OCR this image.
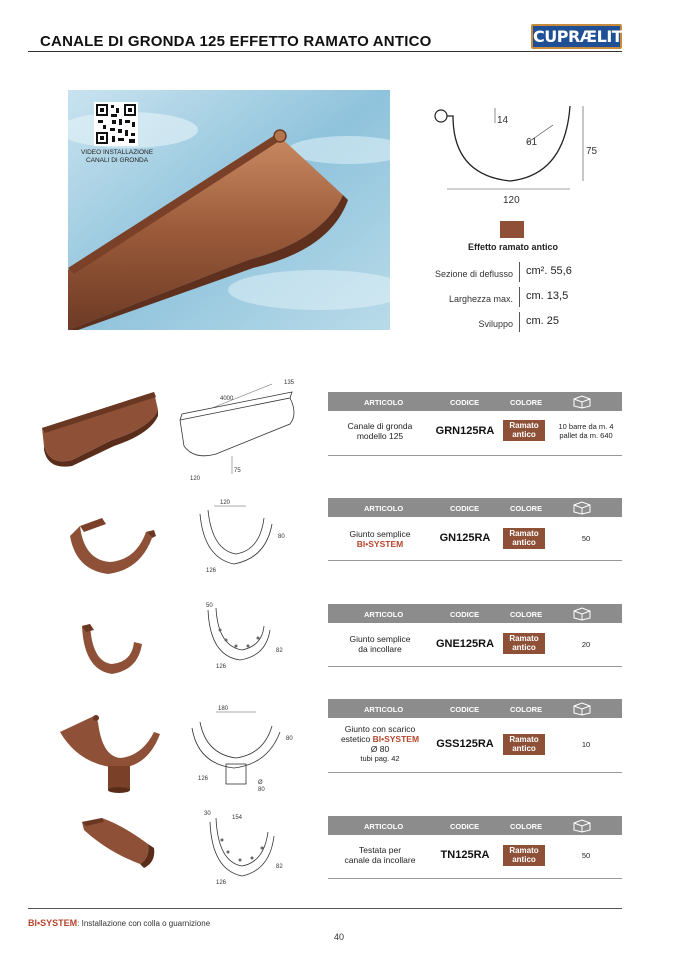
CANALE DI GRONDA 125 EFFETTO RAMATO ANTICO	CUPRÆLITE
VIDEO INSTALLAZIONE
CANALI DI GRONDA
14
61
75
120
Effetto ramato antico
Sezione di deflusso cm². 55,6
Larghezza max. cm. 13,5
Sviluppo cm. 25
4000
135
120
75
ARTICOLO	CODICE	COLORE
Canale di gronda
modello 125	GRN125RA	Ramato
antico
10 barre da m. 4
pallet da m. 640
120
80
126
ARTICOLO	CODICE	COLORE
Giunto semplice
BI•SYSTEM	GN125RA	Ramato
antico	50
50
82
126
ARTICOLO	CODICE	COLORE
Giunto semplice
da incollare	GNE125RA	Ramato
antico	20
180
80
126
Ø
80
ARTICOLO	CODICE	COLORE
Giunto con scarico
estetico BI•SYSTEM
Ø 80
tubi pag. 42
GSS125RA	Ramato
antico	10
30
154
82
126
ARTICOLO	CODICE	COLORE
Testata per
canale da incollare	TN125RA	Ramato
antico	50
BI•SYSTEM: Installazione con colla o guarnizione
40
